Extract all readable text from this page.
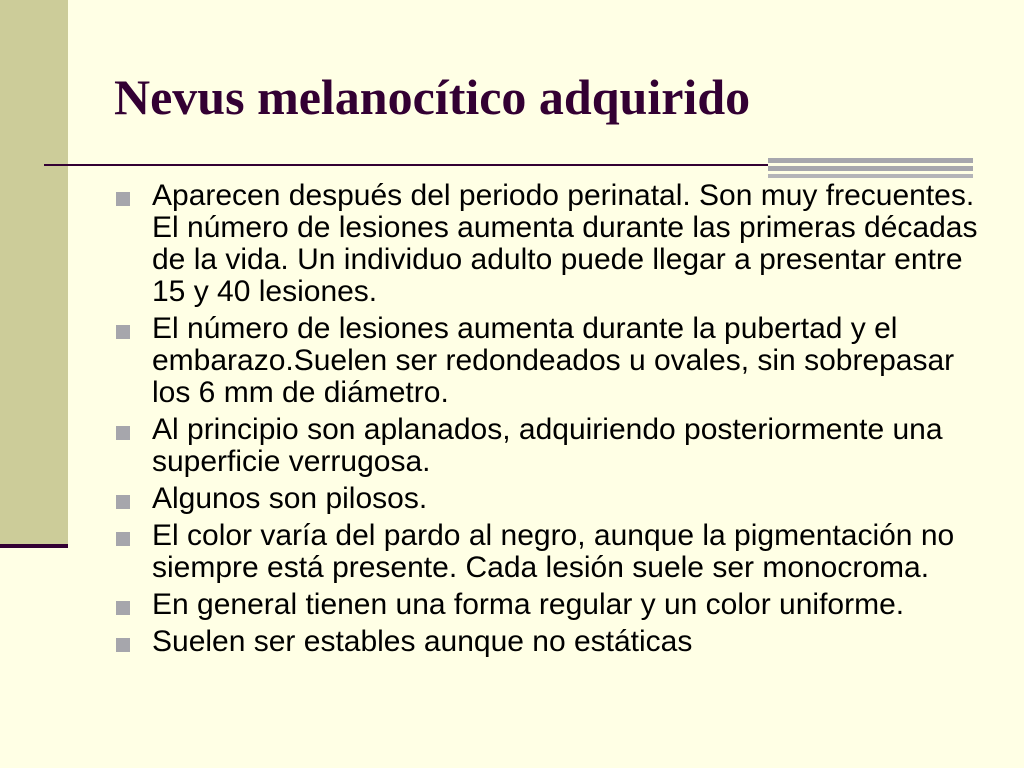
Nevus melanocítico adquirido
Aparecen después del periodo perinatal. Son muy frecuentes. El número de lesiones aumenta durante las primeras décadas de la vida. Un individuo adulto puede llegar a presentar entre 15 y 40 lesiones.
El número de lesiones aumenta durante la pubertad y el embarazo.Suelen ser redondeados u ovales, sin sobrepasar los 6 mm de diámetro.
Al principio son aplanados, adquiriendo posteriormente una superficie verrugosa.
Algunos son pilosos.
El color varía del pardo al negro, aunque la pigmentación no siempre está presente. Cada lesión suele ser monocroma.
En general tienen una forma regular y un color uniforme.
Suelen ser estables aunque no estáticas
